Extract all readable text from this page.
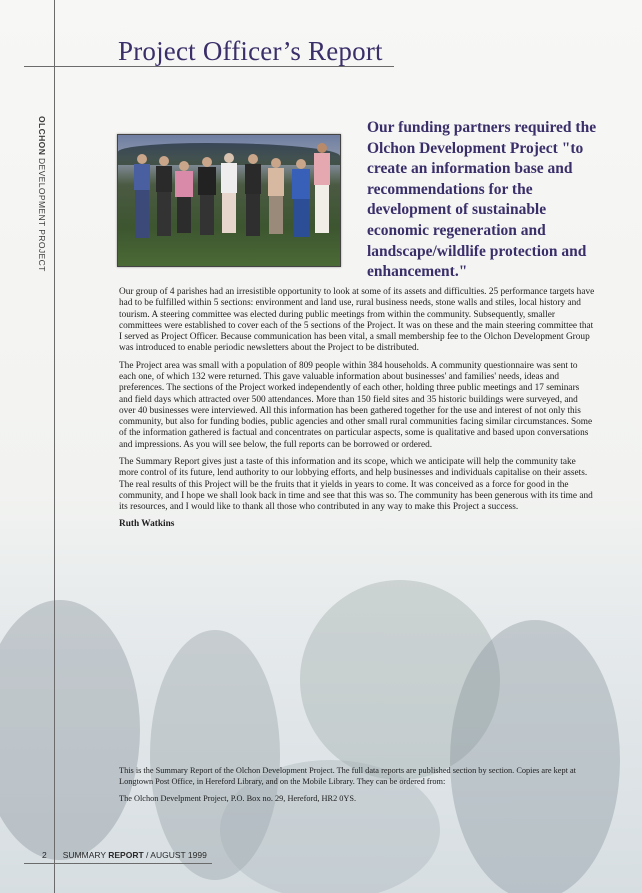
Project Officer’s Report
OLCHON DEVELOPMENT PROJECT

Our funding partners required the Olchon Development Project "to create an information base and recommendations for the development of sustainable economic regeneration and landscape/wildlife protection and enhancement."

Our group of 4 parishes had an irresistible opportunity to look at some of its assets and difficulties. 25 performance targets have had to be fulfilled within 5 sections: environment and land use, rural business needs, stone walls and stiles, local history and tourism. A steering committee was elected during public meetings from within the community. Subsequently, smaller committees were established to cover each of the 5 sections of the Project. It was on these and the main steering committee that I served as Project Officer. Because communication has been vital, a small membership fee to the Olchon Development Group was introduced to enable periodic newsletters about the Project to be distributed.

The Project area was small with a population of 809 people within 384 households. A community questionnaire was sent to each one, of which 132 were returned. This gave valuable information about businesses' and families' needs, ideas and preferences. The sections of the Project worked independently of each other, holding three public meetings and 17 seminars and field days which attracted over 500 attendances. More than 150 field sites and 35 historic buildings were surveyed, and over 40 businesses were interviewed. All this information has been gathered together for the use and interest of not only this community, but also for funding bodies, public agencies and other small rural communities facing similar circumstances. Some of the information gathered is factual and concentrates on particular aspects, some is qualitative and based upon conversations and impressions. As you will see below, the full reports can be borrowed or ordered.

The Summary Report gives just a taste of this information and its scope, which we anticipate will help the community take more control of its future, lend authority to our lobbying efforts, and help businesses and individuals capitalise on their assets. The real results of this Project will be the fruits that it yields in years to come. It was conceived as a force for good in the community, and I hope we shall look back in time and see that this was so. The community has been generous with its time and its resources, and I would like to thank all those who contributed in any way to make this Project a success.

Ruth Watkins

This is the Summary Report of the Olchon Development Project. The full data reports are published section by section. Copies are kept at Longtown Post Office, in Hereford Library, and on the Mobile Library. They can be ordered from:

The Olchon Develpment Project, P.O. Box no. 29, Hereford, HR2 0YS.

2 SUMMARY REPORT / AUGUST 1999
